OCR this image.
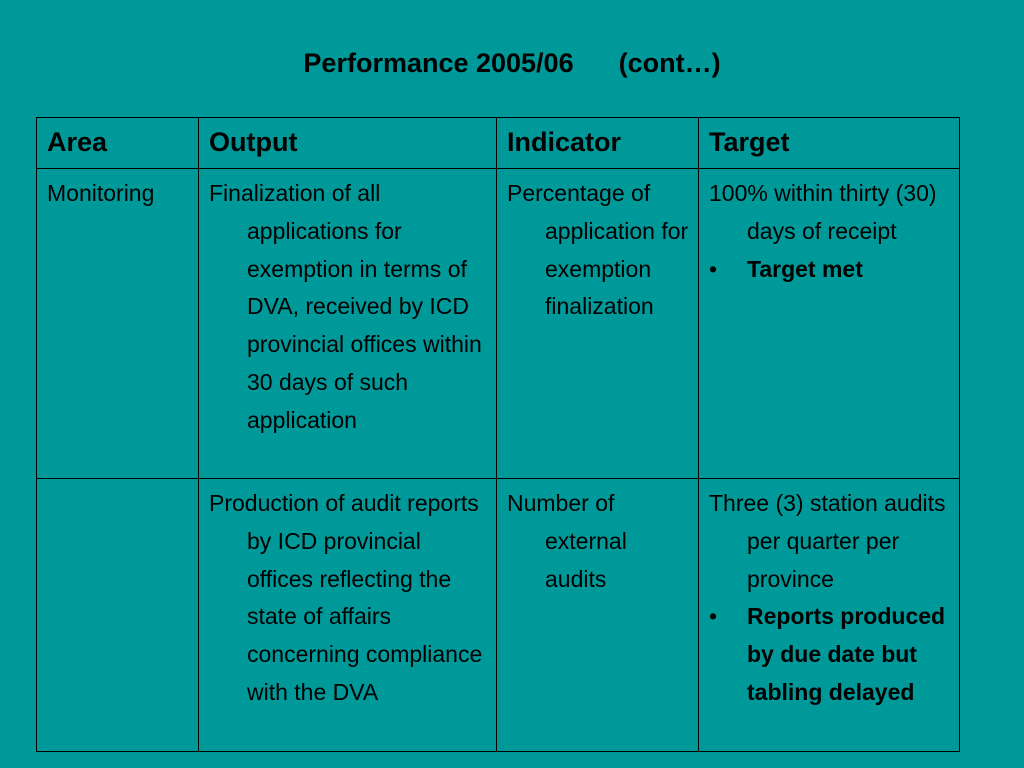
Performance 2005/06      (cont…)
Area	Output	Indicator	Target
Monitoring	Finalization of all applications for exemption in terms of DVA, received by ICD provincial offices within 30 days of such application	Percentage of application for exemption finalization	100% within thirty (30) days of receipt
• Target met

	Production of audit reports by ICD provincial offices reflecting the state of affairs concerning compliance with the DVA	Number of external audits	Three (3) station audits per quarter per province
• Reports produced by due date but tabling delayed
